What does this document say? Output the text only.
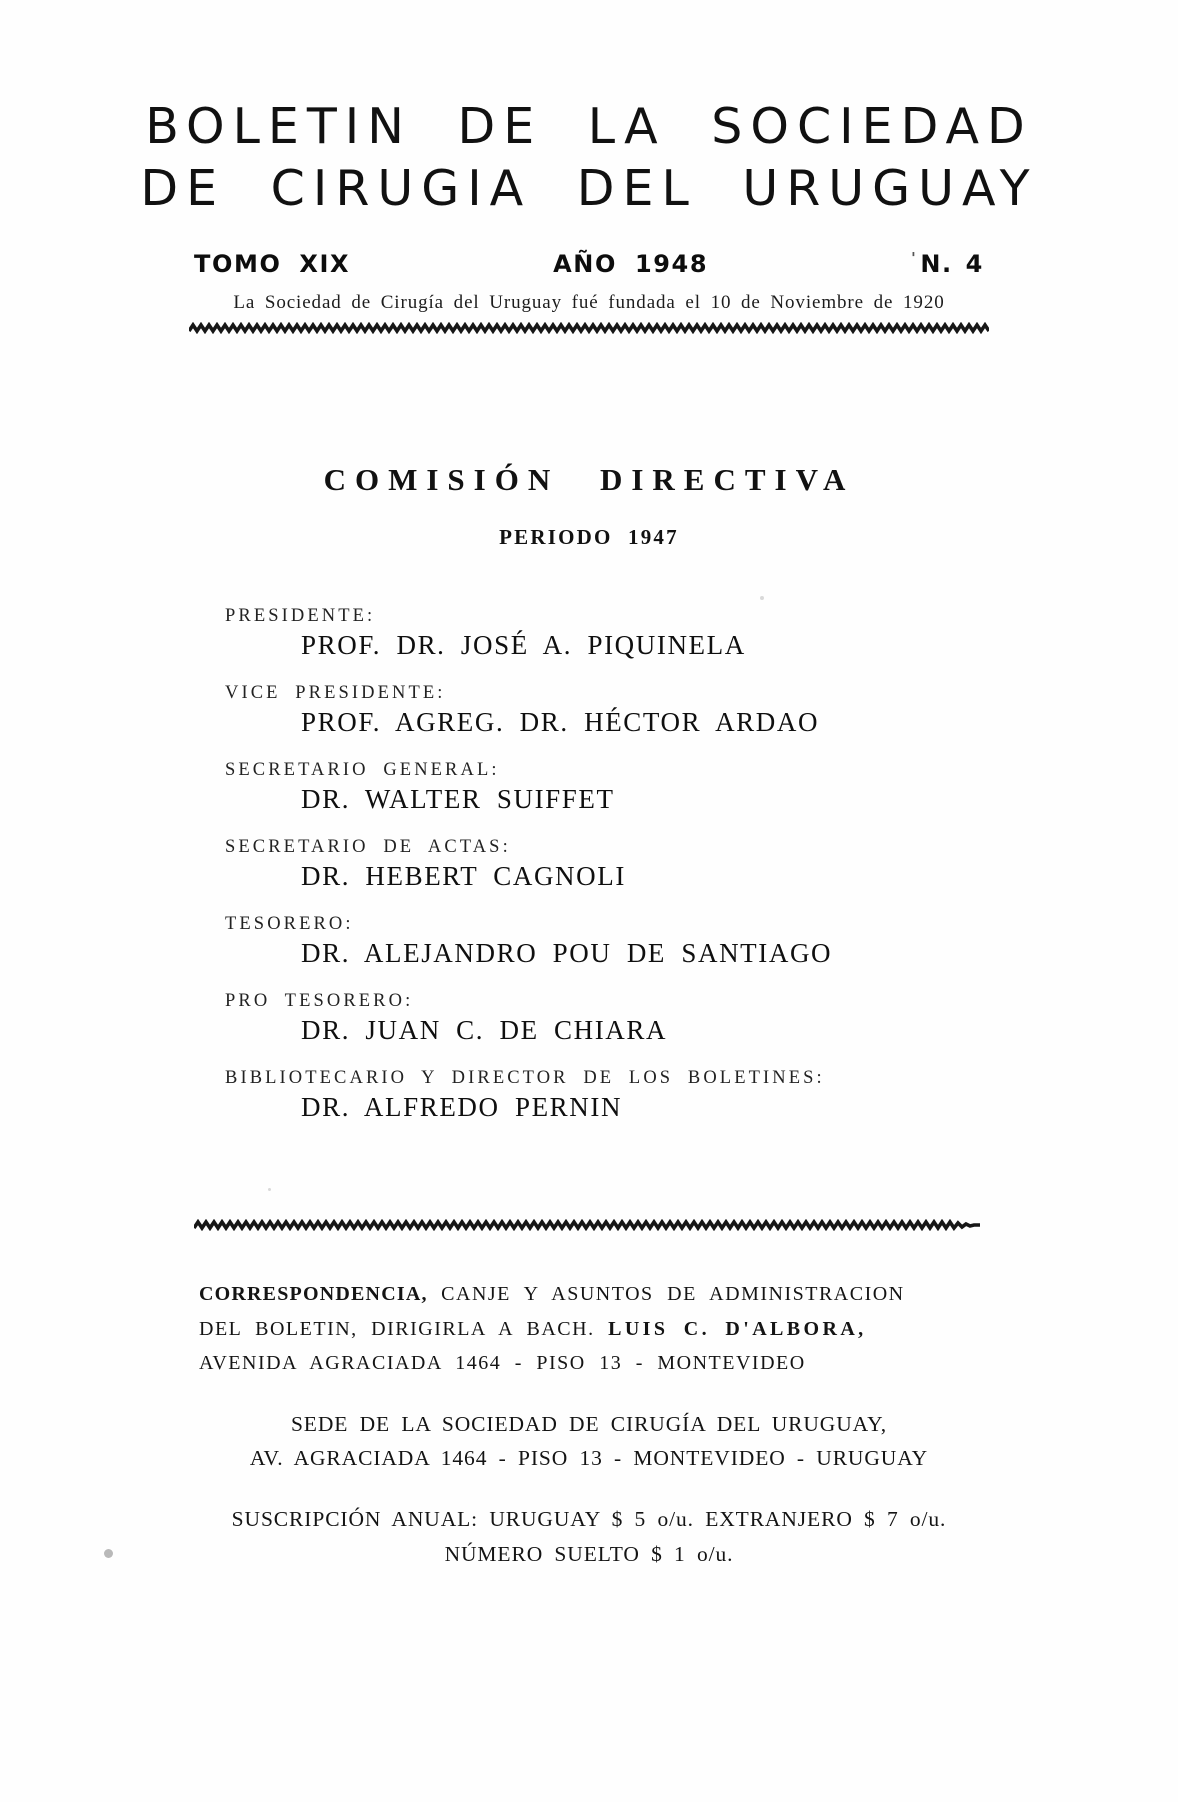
BOLETIN DE LA SOCIEDAD
DE CIRUGIA DEL URUGUAY
TOMO XIX	AÑO 1948	' N. 4
La Sociedad de Cirugía del Uruguay fué fundada el 10 de Noviembre de 1920
COMISIÓN DIRECTIVA
PERIODO 1947
PRESIDENTE:
PROF. DR. JOSÉ A. PIQUINELA
VICE PRESIDENTE:
PROF. AGREG. DR. HÉCTOR ARDAO
SECRETARIO GENERAL:
DR. WALTER SUIFFET
SECRETARIO DE ACTAS:
DR. HEBERT CAGNOLI
TESORERO:
DR. ALEJANDRO POU DE SANTIAGO
PRO TESORERO:
DR. JUAN C. DE CHIARA
BIBLIOTECARIO Y DIRECTOR DE LOS BOLETINES:
DR. ALFREDO PERNIN
CORRESPONDENCIA, CANJE Y ASUNTOS DE ADMINISTRACION
DEL BOLETIN, DIRIGIRLA A BACH. LUIS C. D'ALBORA,
AVENIDA AGRACIADA 1464 - PISO 13 - MONTEVIDEO
SEDE DE LA SOCIEDAD DE CIRUGÍA DEL URUGUAY,
AV. AGRACIADA 1464 - PISO 13 - MONTEVIDEO - URUGUAY
SUSCRIPCIÓN ANUAL: URUGUAY $ 5 o/u. EXTRANJERO $ 7 o/u.
NÚMERO SUELTO $ 1 o/u.
